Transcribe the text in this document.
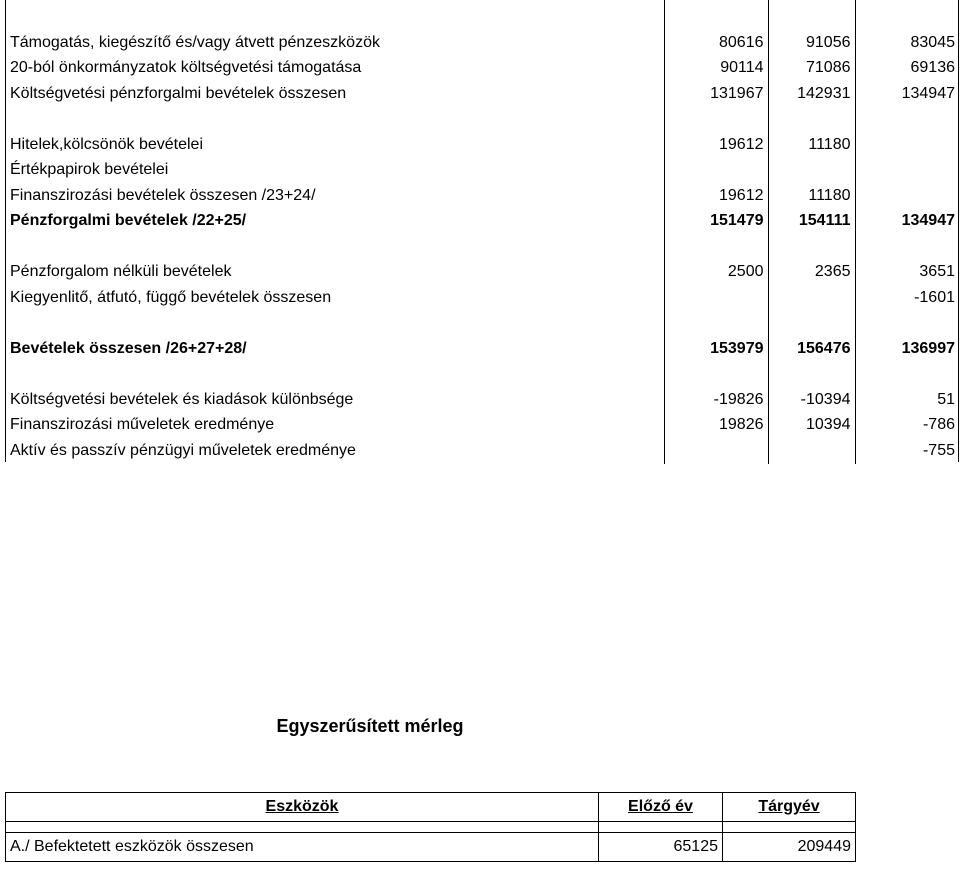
Támogatás, kiegészítő és/vagy átvett pénzeszközök	80616	91056	83045
20-ból önkormányzatok költségvetési támogatása	90114	71086	69136
Költségvetési pénzforgalmi bevételek összesen	131967	142931	134947

Hitelek,kölcsönök bevételei	19612	11180	
Értékpapirok bevételei			
Finanszirozási bevételek összesen /23+24/	19612	11180	
Pénzforgalmi bevételek /22+25/	151479	154111	134947

Pénzforgalom nélküli bevételek	2500	2365	3651
Kiegyenlitő, átfutó, függő bevételek összesen			-1601

Bevételek összesen /26+27+28/	153979	156476	136997

Költségvetési bevételek és kiadások különbsége	-19826	-10394	51
Finanszirozási műveletek eredménye	19826	10394	-786
Aktív és passzív pénzügyi műveletek eredménye			-755
Egyszerűsített mérleg
Eszközök	Előző év	Tárgyév

A./ Befektetett eszközök összesen	65125	209449
